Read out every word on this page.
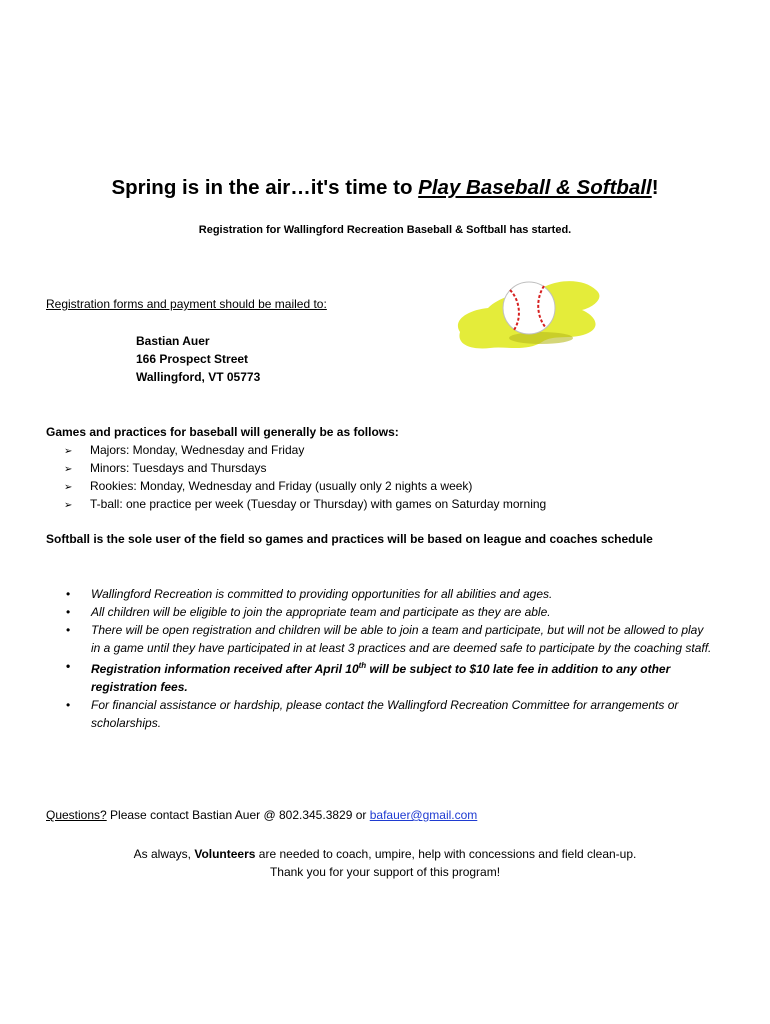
Spring is in the air…it's time to Play Baseball & Softball!
Registration for Wallingford Recreation Baseball & Softball has started.
Registration forms and payment should be mailed to:
Bastian Auer
166 Prospect Street
Wallingford, VT 05773
Games and practices for baseball will generally be as follows:
➢ Majors: Monday, Wednesday and Friday
➢ Minors: Tuesdays and Thursdays
➢ Rookies: Monday, Wednesday and Friday (usually only 2 nights a week)
➢ T-ball: one practice per week (Tuesday or Thursday) with games on Saturday morning
Softball is the sole user of the field so games and practices will be based on league and coaches schedule
• Wallingford Recreation is committed to providing opportunities for all abilities and ages.
• All children will be eligible to join the appropriate team and participate as they are able.
• There will be open registration and children will be able to join a team and participate, but will not be allowed to play in a game until they have participated in at least 3 practices and are deemed safe to participate by the coaching staff.
• Registration information received after April 10th will be subject to $10 late fee in addition to any other registration fees.
• For financial assistance or hardship, please contact the Wallingford Recreation Committee for arrangements or scholarships.
Questions? Please contact Bastian Auer @ 802.345.3829 or bafauer@gmail.com
As always, Volunteers are needed to coach, umpire, help with concessions and field clean-up.
Thank you for your support of this program!
